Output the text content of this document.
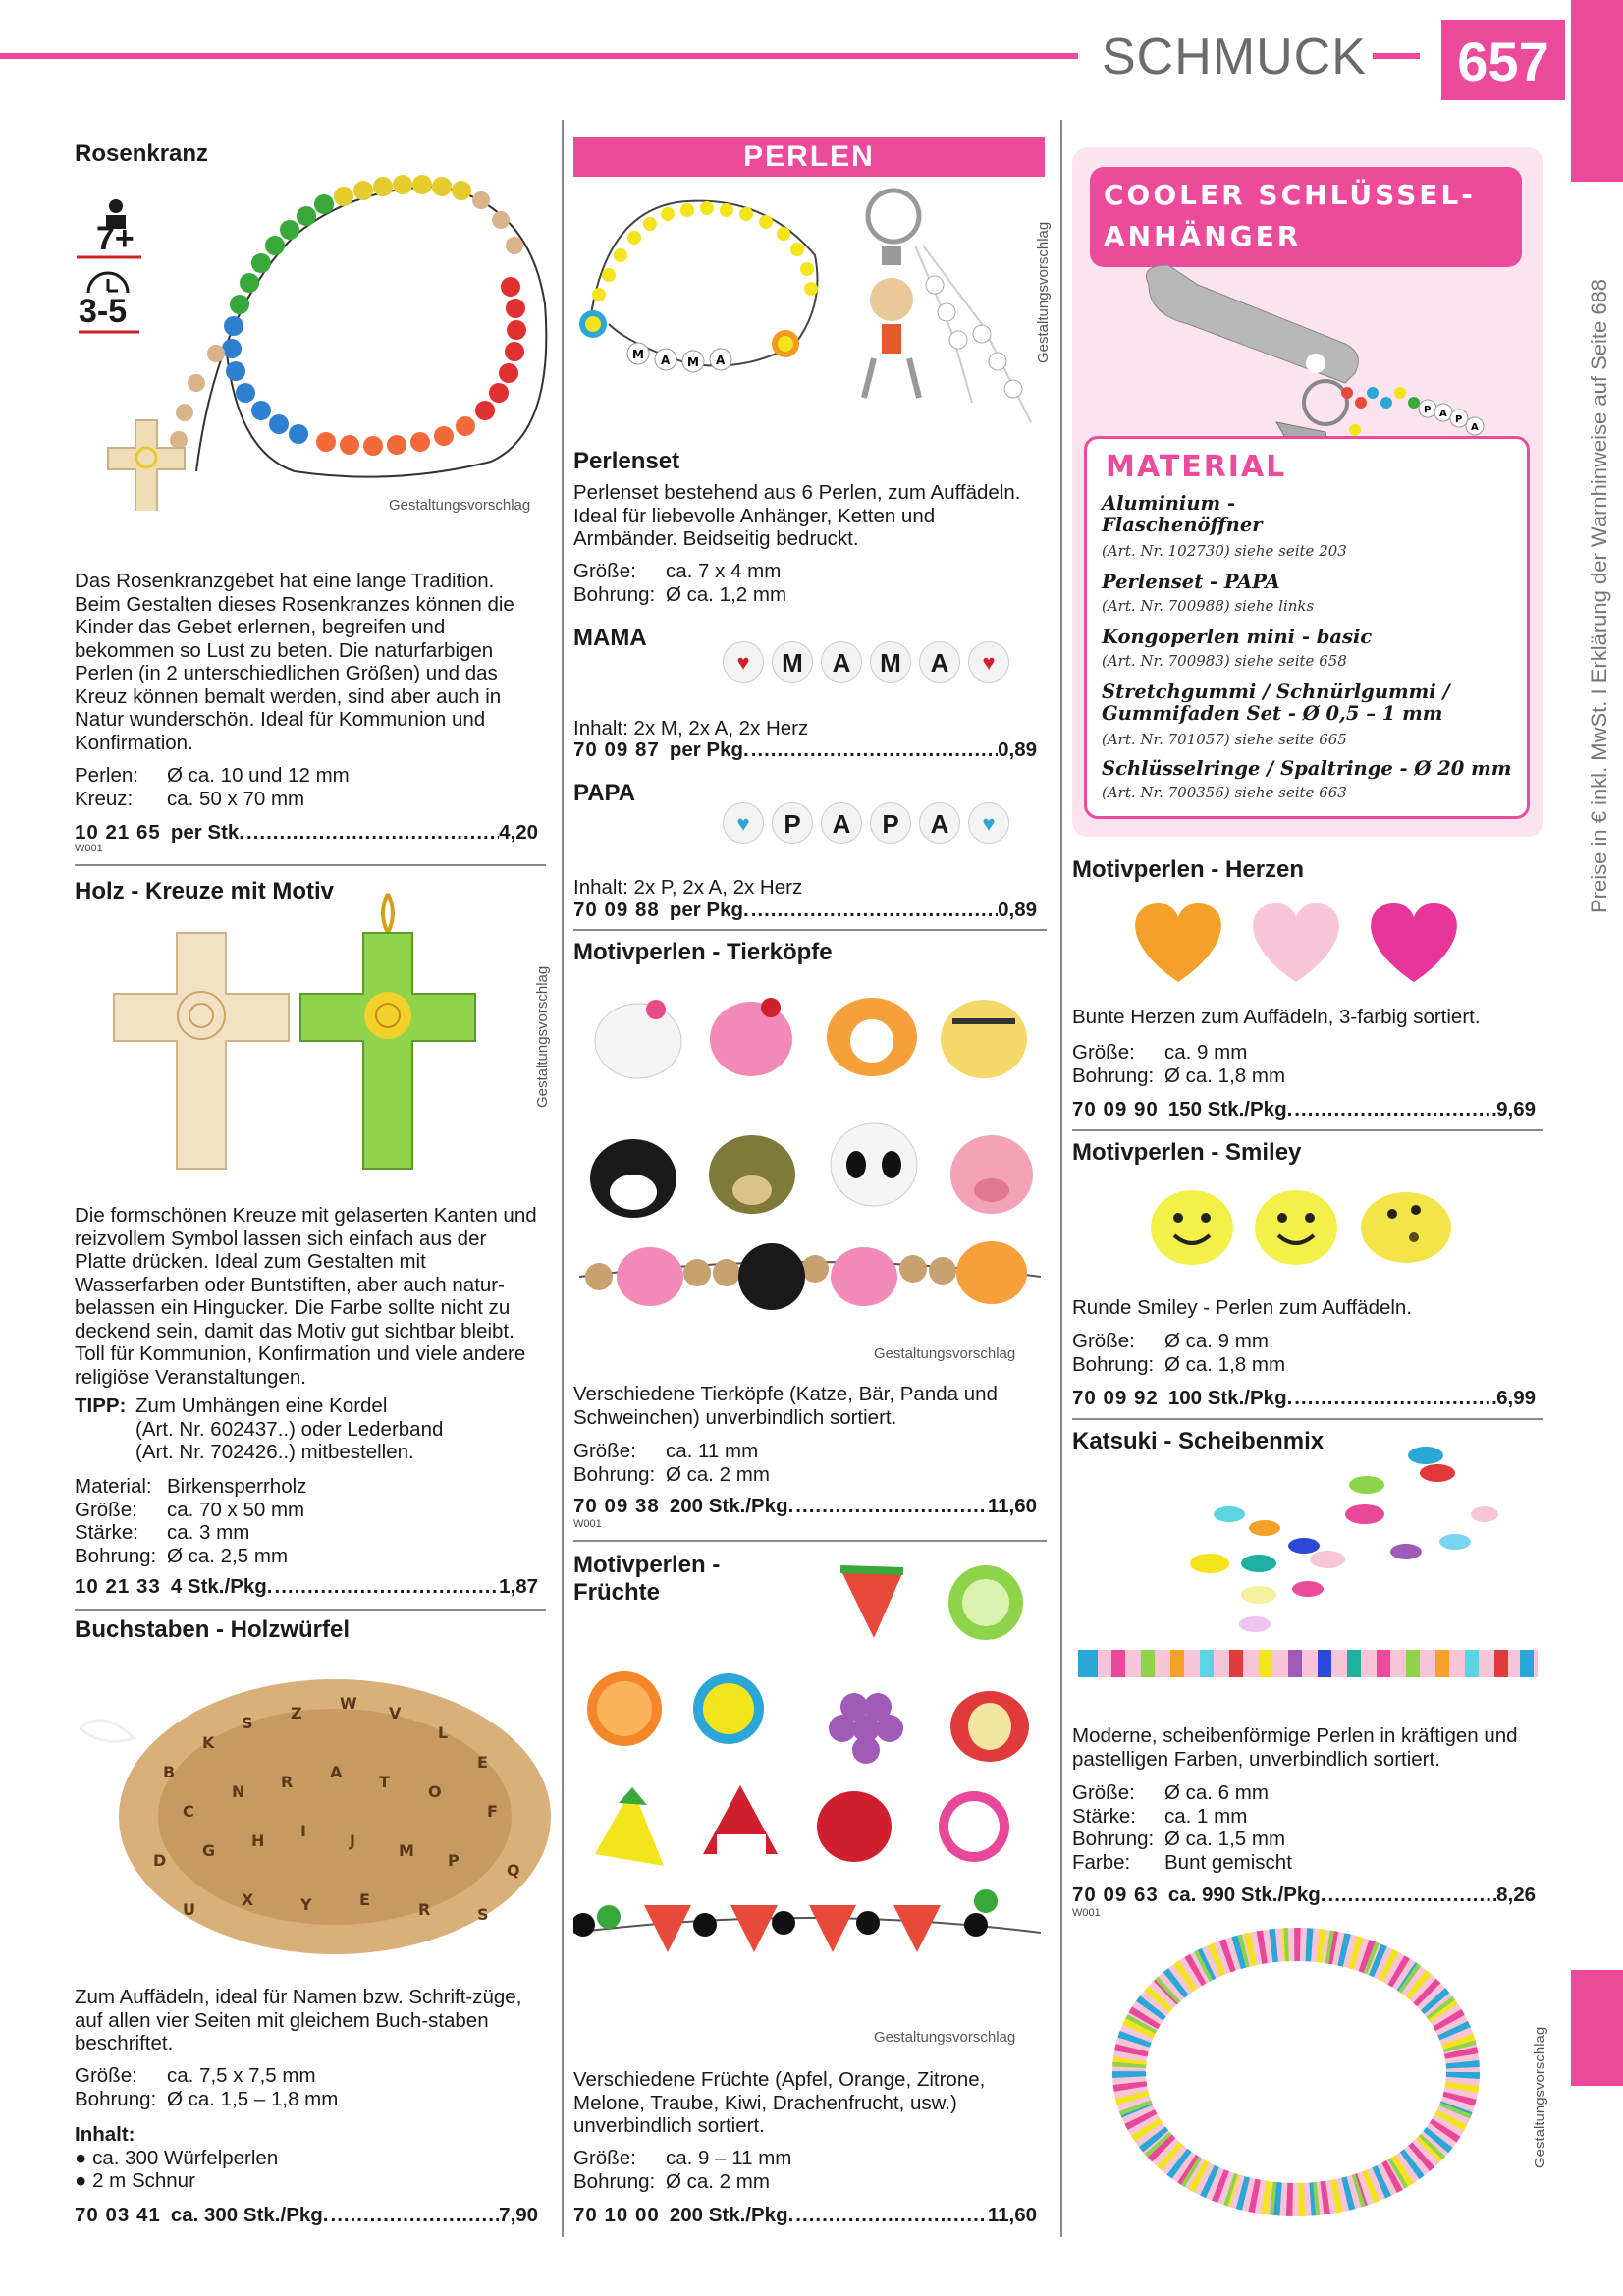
SCHMUCK 657
Preise in € inkl. MwSt. I Erklärung der Warnhinweise auf Seite 688
Rosenkranz
7+
3-5
Gestaltungsvorschlag
Das Rosenkranzgebet hat eine lange Tradition. Beim Gestalten dieses Rosenkranzes können die Kinder das Gebet erlernen, begreifen und bekommen so Lust zu beten. Die naturfarbigen Perlen (in 2 unterschiedlichen Größen) und das Kreuz können bemalt werden, sind aber auch in Natur wunderschön. Ideal für Kommunion und Konfirmation.
Perlen: Ø ca. 10 und 12 mm
Kreuz: ca. 50 x 70 mm
10 21 65 per Stk. .....	4,20
W001
Holz - Kreuze mit Motiv
Gestaltungsvorschlag
Die formschönen Kreuze mit gelaserten Kanten und reizvollem Symbol lassen sich einfach aus der Platte drücken. Ideal zum Gestalten mit Wasserfarben oder Buntstiften, aber auch natur-belassen ein Hingucker. Die Farbe sollte nicht zu deckend sein, damit das Motiv gut sichtbar bleibt. Toll für Kommunion, Konfirmation und viele andere religiöse Veranstaltungen.
TIPP: Zum Umhängen eine Kordel
(Art. Nr. 602437..) oder Lederband
(Art. Nr. 702426..) mitbestellen.
Material: Birkensperrholz
Größe: ca. 70 x 50 mm
Stärke: ca. 3 mm
Bohrung: Ø ca. 2,5 mm
10 21 33 4 Stk./Pkg. .....	1,87
Buchstaben - Holzwürfel
B
K
S
Z
W
V
L
E
C
N
R
A
T
O
F
D
G
H
I
J
M
P
Q
U
X	Y	E
R	S
Zum Auffädeln, ideal für Namen bzw. Schrift-züge, auf allen vier Seiten mit gleichem Buch-staben beschriftet.
Größe: ca. 7,5 x 7,5 mm
Bohrung: Ø ca. 1,5 – 1,8 mm
Inhalt:
● ca. 300 Würfelperlen
● 2 m Schnur
70 03 41 ca. 300 Stk./Pkg. .....	7,90
PERLEN
M A M A	Gestaltungsvorschlag
Perlenset
Perlenset bestehend aus 6 Perlen, zum Auffädeln. Ideal für liebevolle Anhänger, Ketten und Armbänder. Beidseitig bedruckt.
Größe: ca. 7 x 4 mm
Bohrung: Ø ca. 1,2 mm
MAMA
♥	M	A	M	A	♥
Inhalt: 2x M, 2x A, 2x Herz
70 09 87 per Pkg. .....	0,89
PAPA
♥	P	A	P	A	♥
Inhalt: 2x P, 2x A, 2x Herz
70 09 88 per Pkg. .....	0,89
Motivperlen - Tierköpfe
Gestaltungsvorschlag
Verschiedene Tierköpfe (Katze, Bär, Panda und Schweinchen) unverbindlich sortiert.
Größe: ca. 11 mm
Bohrung: Ø ca. 2 mm
70 09 38 200 Stk./Pkg. .....	11,60
W001
Motivperlen -
Früchte
Gestaltungsvorschlag
Verschiedene Früchte (Apfel, Orange, Zitrone, Melone, Traube, Kiwi, Drachenfrucht, usw.) unverbindlich sortiert.
Größe: ca. 9 – 11 mm
Bohrung: Ø ca. 2 mm
70 10 00 200 Stk./Pkg. .....	11,60
COOLER SCHLÜSSEL-
ANHÄNGER
P A
P
A
MATERIAL
Aluminium -
Flaschenöffner
(Art. Nr. 102730) siehe seite 203
Perlenset - PAPA
(Art. Nr. 700988) siehe links
Kongoperlen mini - basic
(Art. Nr. 700983) siehe seite 658
Stretchgummi / Schnürlgummi /
Gummifaden Set - Ø 0,5 – 1 mm
(Art. Nr. 701057) siehe seite 665
Schlüsselringe / Spaltringe - Ø 20 mm
(Art. Nr. 700356) siehe seite 663
Motivperlen - Herzen
Bunte Herzen zum Auffädeln, 3-farbig sortiert.
Größe: ca. 9 mm
Bohrung: Ø ca. 1,8 mm
70 09 90 150 Stk./Pkg. .....	9,69
Motivperlen - Smiley
Runde Smiley - Perlen zum Auffädeln.
Größe: Ø ca. 9 mm
Bohrung: Ø ca. 1,8 mm
70 09 92 100 Stk./Pkg. .....	6,99
Katsuki - Scheibenmix
Moderne, scheibenförmige Perlen in kräftigen und pastelligen Farben, unverbindlich sortiert.
Größe: Ø ca. 6 mm
Stärke: ca. 1 mm
Bohrung: Ø ca. 1,5 mm
Farbe: Bunt gemischt
70 09 63 ca. 990 Stk./Pkg. .....	8,26
W001
Gestaltungsvorschlag
